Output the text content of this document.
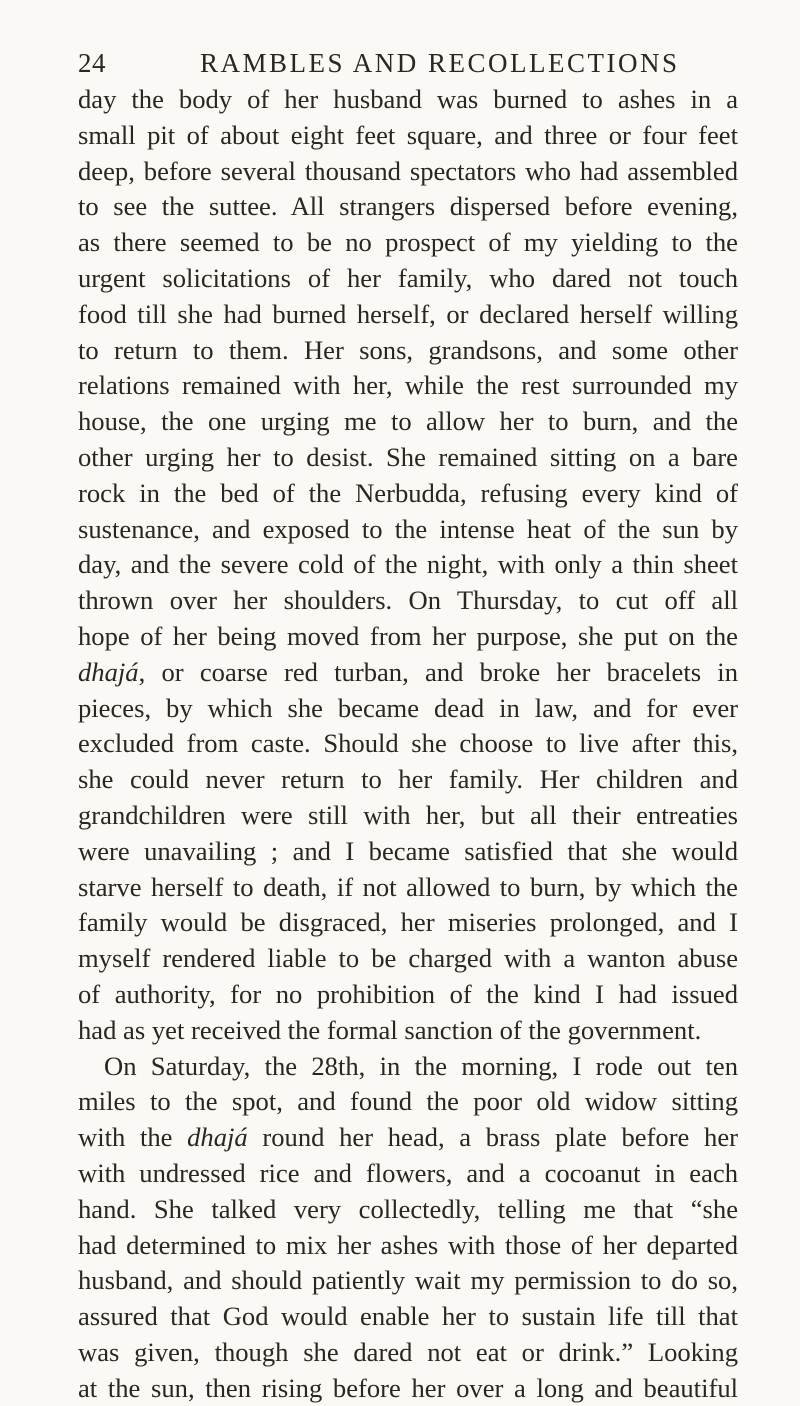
24	RAMBLES AND RECOLLECTIONS
day the body of her husband was burned to ashes in a
small pit of about eight feet square, and three or four feet
deep, before several thousand spectators who had assembled
to see the suttee. All strangers dispersed before evening,
as there seemed to be no prospect of my yielding to the
urgent solicitations of her family, who dared not touch
food till she had burned herself, or declared herself willing
to return to them. Her sons, grandsons, and some other
relations remained with her, while the rest surrounded my
house, the one urging me to allow her to burn, and the
other urging her to desist. She remained sitting on a bare
rock in the bed of the Nerbudda, refusing every kind of
sustenance, and exposed to the intense heat of the sun by
day, and the severe cold of the night, with only a thin sheet
thrown over her shoulders. On Thursday, to cut off all
hope of her being moved from her purpose, she put on the
dhajá, or coarse red turban, and broke her bracelets in
pieces, by which she became dead in law, and for ever
excluded from caste. Should she choose to live after this,
she could never return to her family. Her children and
grandchildren were still with her, but all their entreaties
were unavailing ; and I became satisfied that she would
starve herself to death, if not allowed to burn, by which the
family would be disgraced, her miseries prolonged, and I
myself rendered liable to be charged with a wanton abuse
of authority, for no prohibition of the kind I had issued
had as yet received the formal sanction of the government.
On Saturday, the 28th, in the morning, I rode out ten
miles to the spot, and found the poor old widow sitting
with the dhajá round her head, a brass plate before her
with undressed rice and flowers, and a cocoanut in each
hand. She talked very collectedly, telling me that “she
had determined to mix her ashes with those of her departed
husband, and should patiently wait my permission to do so,
assured that God would enable her to sustain life till that
was given, though she dared not eat or drink.” Looking
at the sun, then rising before her over a long and beautiful
